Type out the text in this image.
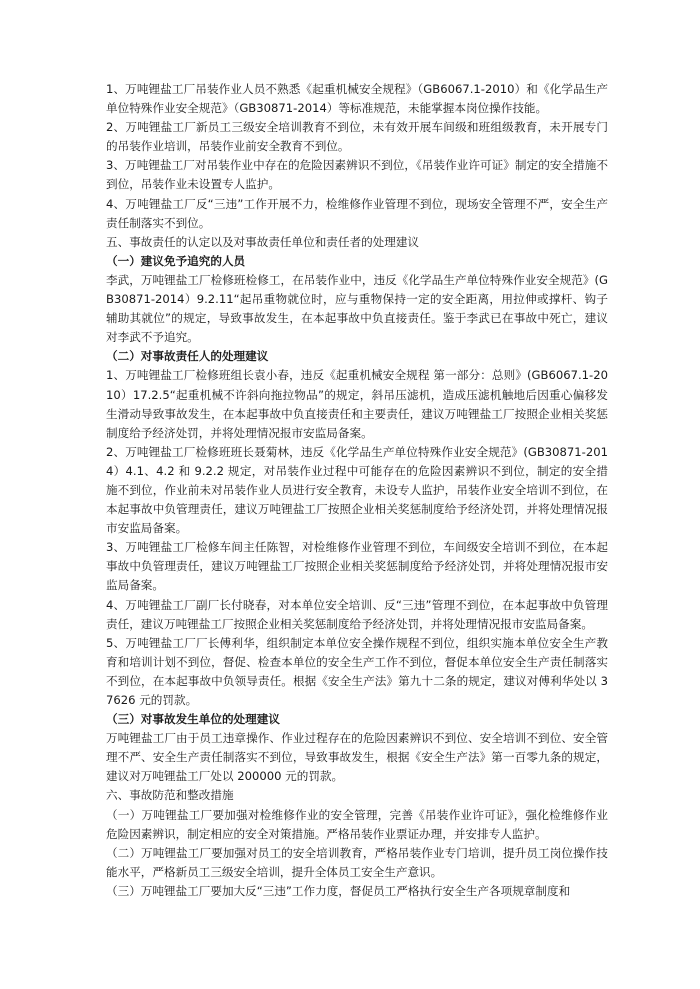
1、万吨锂盐工厂吊装作业人员不熟悉《起重机械安全规程》（GB6067.1-2010）和《化学品生产单位特殊作业安全规范》（GB30871-2014）等标准规范，未能掌握本岗位操作技能。

2、万吨锂盐工厂新员工三级安全培训教育不到位，未有效开展车间级和班组级教育，未开展专门的吊装作业培训，吊装作业前安全教育不到位。

3、万吨锂盐工厂对吊装作业中存在的危险因素辨识不到位，《吊装作业许可证》制定的安全措施不到位，吊装作业未设置专人监护。

4、万吨锂盐工厂反“三违”工作开展不力，检维修作业管理不到位，现场安全管理不严，安全生产责任制落实不到位。

五、事故责任的认定以及对事故责任单位和责任者的处理建议

（一）建议免予追究的人员

李武，万吨锂盐工厂检修班检修工，在吊装作业中，违反《化学品生产单位特殊作业安全规范》(GB30871-2014）9.2.11“起吊重物就位时，应与重物保持一定的安全距离，用拉伸或撑杆、钩子辅助其就位”的规定，导致事故发生，在本起事故中负直接责任。鉴于李武已在事故中死亡，建议对李武不予追究。

（二）对事故责任人的处理建议

1、万吨锂盐工厂检修班组长袁小春，违反《起重机械安全规程 第一部分：总则》(GB6067.1-2010）17.2.5“起重机械不许斜向拖拉物品”的规定，斜吊压滤机，造成压滤机触地后因重心偏移发生滑动导致事故发生，在本起事故中负直接责任和主要责任，建议万吨锂盐工厂按照企业相关奖惩制度给予经济处罚，并将处理情况报市安监局备案。

2、万吨锂盐工厂检修班班长聂菊林，违反《化学品生产单位特殊作业安全规范》(GB30871-2014）4.1、4.2 和 9.2.2 规定，对吊装作业过程中可能存在的危险因素辨识不到位，制定的安全措施不到位，作业前未对吊装作业人员进行安全教育，未设专人监护，吊装作业安全培训不到位，在本起事故中负管理责任，建议万吨锂盐工厂按照企业相关奖惩制度给予经济处罚，并将处理情况报市安监局备案。

3、万吨锂盐工厂检修车间主任陈智，对检维修作业管理不到位，车间级安全培训不到位，在本起事故中负管理责任，建议万吨锂盐工厂按照企业相关奖惩制度给予经济处罚，并将处理情况报市安监局备案。

4、万吨锂盐工厂副厂长付晓春，对本单位安全培训、反“三违”管理不到位，在本起事故中负管理责任，建议万吨锂盐工厂按照企业相关奖惩制度给予经济处罚，并将处理情况报市安监局备案。

5、万吨锂盐工厂厂长傅利华，组织制定本单位安全操作规程不到位，组织实施本单位安全生产教育和培训计划不到位，督促、检查本单位的安全生产工作不到位，督促本单位安全生产责任制落实不到位，在本起事故中负领导责任。根据《安全生产法》第九十二条的规定，建议对傅利华处以 37626 元的罚款。

（三）对事故发生单位的处理建议

万吨锂盐工厂由于员工违章操作、作业过程存在的危险因素辨识不到位、安全培训不到位、安全管理不严、安全生产责任制落实不到位，导致事故发生，根据《安全生产法》第一百零九条的规定，建议对万吨锂盐工厂处以 200000 元的罚款。

六、事故防范和整改措施

（一）万吨锂盐工厂要加强对检维修作业的安全管理，完善《吊装作业许可证》，强化检维修作业危险因素辨识，制定相应的安全对策措施。严格吊装作业票证办理，并安排专人监护。

（二）万吨锂盐工厂要加强对员工的安全培训教育，严格吊装作业专门培训，提升员工岗位操作技能水平，严格新员工三级安全培训，提升全体员工安全生产意识。

（三）万吨锂盐工厂要加大反“三违”工作力度，督促员工严格执行安全生产各项规章制度和
